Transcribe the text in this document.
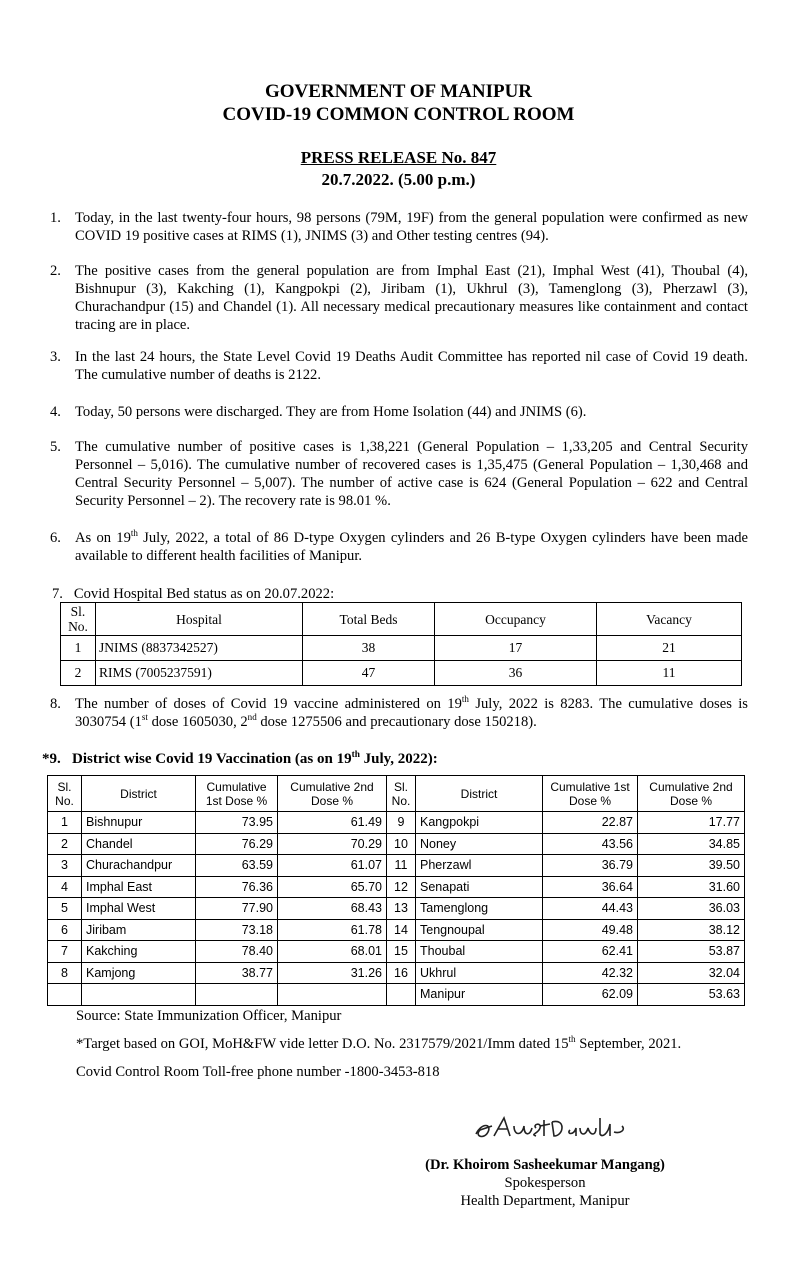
GOVERNMENT OF MANIPUR
COVID-19 COMMON CONTROL ROOM
PRESS RELEASE No. 847
20.7.2022. (5.00 p.m.)
1. Today, in the last twenty-four hours, 98 persons (79M, 19F) from the general population were confirmed as new COVID 19 positive cases at RIMS (1), JNIMS (3) and Other testing centres (94).
2. The positive cases from the general population are from Imphal East (21), Imphal West (41), Thoubal (4), Bishnupur (3), Kakching (1), Kangpokpi (2), Jiribam (1), Ukhrul (3), Tamenglong (3), Pherzawl (3), Churachandpur (15) and Chandel (1). All necessary medical precautionary measures like containment and contact tracing are in place.
3. In the last 24 hours, the State Level Covid 19 Deaths Audit Committee has reported nil case of Covid 19 death. The cumulative number of deaths is 2122.
4. Today, 50 persons were discharged. They are from Home Isolation (44) and JNIMS (6).
5. The cumulative number of positive cases is 1,38,221 (General Population – 1,33,205 and Central Security Personnel – 5,016). The cumulative number of recovered cases is 1,35,475 (General Population – 1,30,468 and Central Security Personnel – 5,007). The number of active case is 624 (General Population – 622 and Central Security Personnel – 2). The recovery rate is 98.01 %.
6. As on 19th July, 2022, a total of 86 D-type Oxygen cylinders and 26 B-type Oxygen cylinders have been made available to different health facilities of Manipur.
7.   Covid Hospital Bed status as on 20.07.2022:
Sl. No.	Hospital	Total Beds	Occupancy	Vacancy
1	JNIMS (8837342527)	38	17	21
2	RIMS (7005237591)	47	36	11
8. The number of doses of Covid 19 vaccine administered on 19th July, 2022 is 8283. The cumulative doses is 3030754 (1st dose 1605030, 2nd dose 1275506 and precautionary dose 150218).
*9.   District wise Covid 19 Vaccination (as on 19th July, 2022):
Sl. No.	District	Cumulative 1st Dose %	Cumulative 2nd Dose %	Sl. No.	District	Cumulative 1st Dose %	Cumulative 2nd Dose %
1	Bishnupur	73.95	61.49	9	Kangpokpi	22.87	17.77
2	Chandel	76.29	70.29	10	Noney	43.56	34.85
3	Churachandpur	63.59	61.07	11	Pherzawl	36.79	39.50
4	Imphal East	76.36	65.70	12	Senapati	36.64	31.60
5	Imphal West	77.90	68.43	13	Tamenglong	44.43	36.03
6	Jiribam	73.18	61.78	14	Tengnoupal	49.48	38.12
7	Kakching	78.40	68.01	15	Thoubal	62.41	53.87
8	Kamjong	38.77	31.26	16	Ukhrul	42.32	32.04
					Manipur	62.09	53.63
Source: State Immunization Officer, Manipur
*Target based on GOI, MoH&FW vide letter D.O. No. 2317579/2021/Imm dated 15th September, 2021.
Covid Control Room Toll-free phone number -1800-3453-818
(Dr. Khoirom Sasheekumar Mangang)
Spokesperson
Health Department, Manipur
